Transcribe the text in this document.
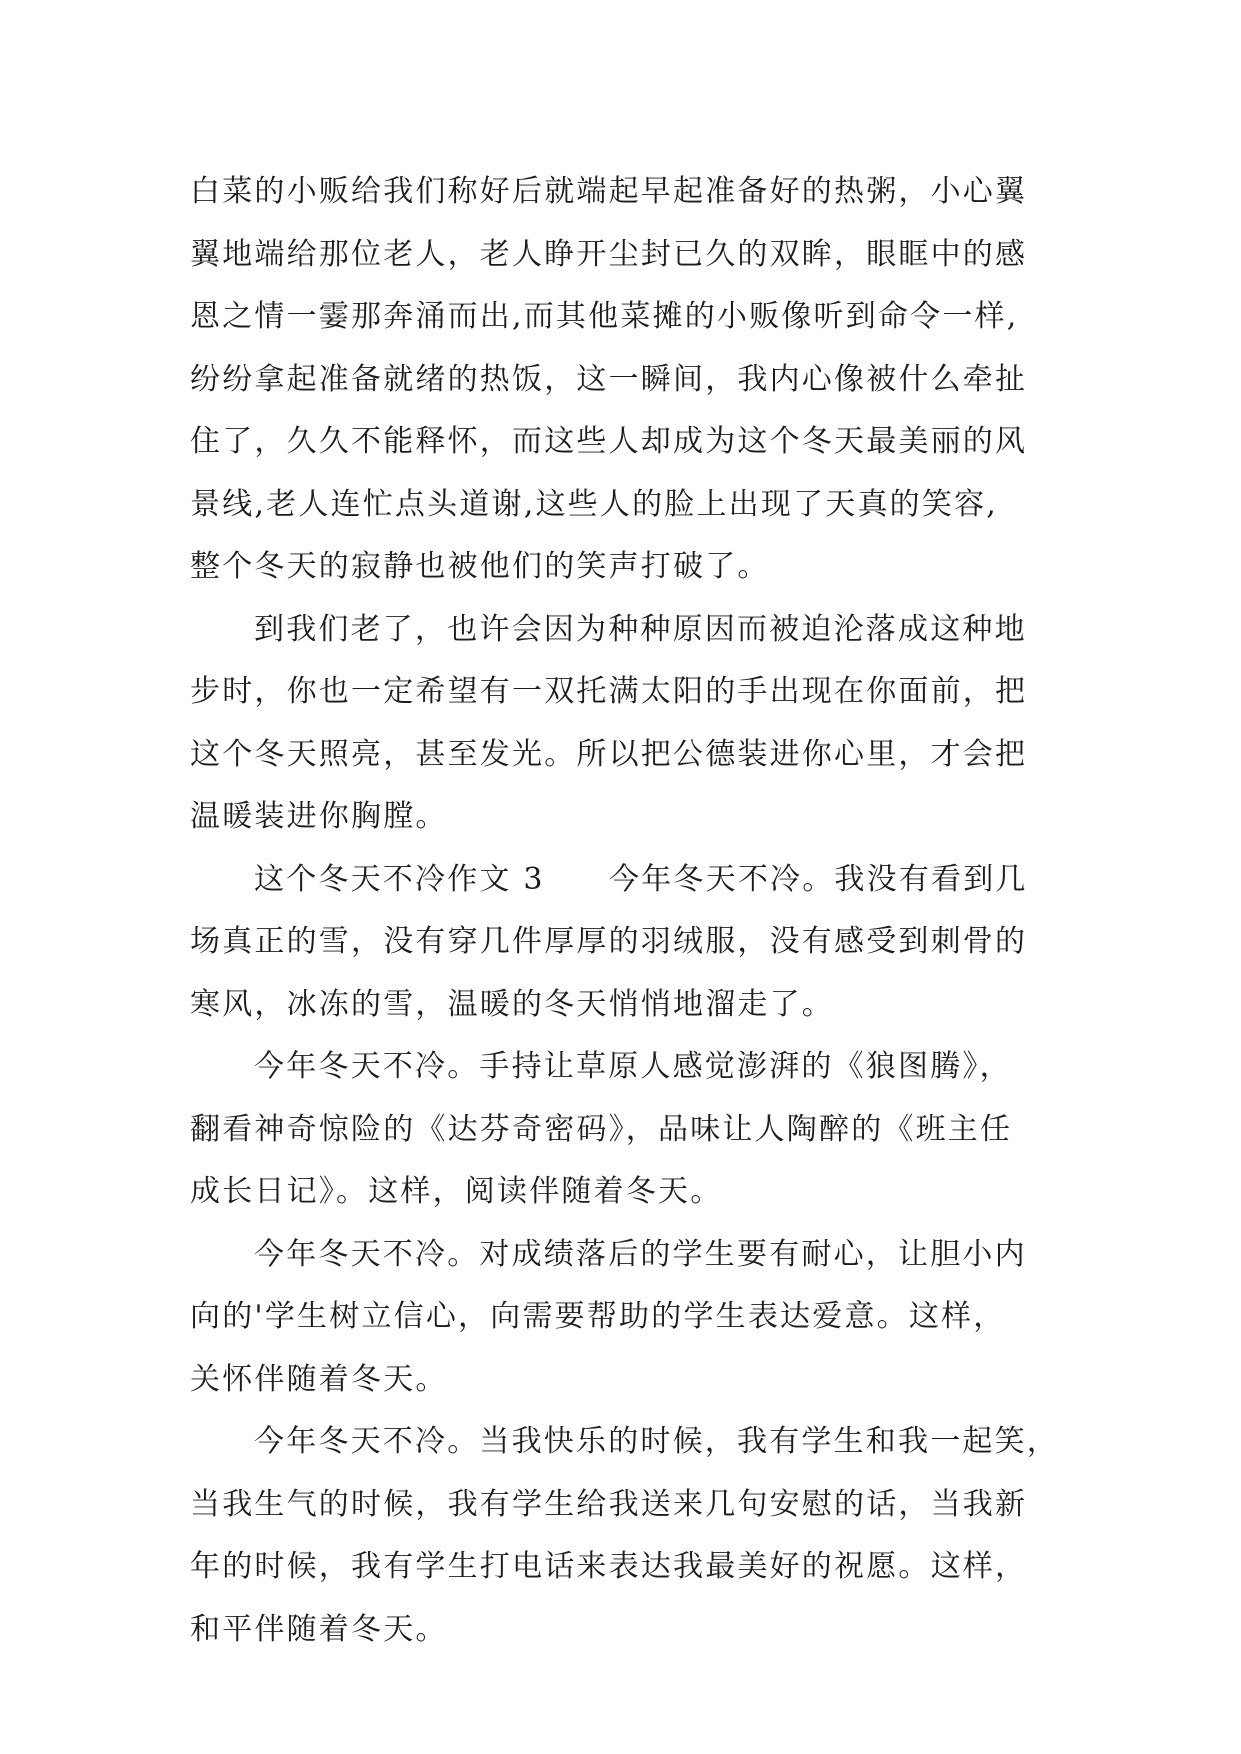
白菜的小贩给我们称好后就端起早起准备好的热粥，小心翼
翼地端给那位老人，老人睁开尘封已久的双眸，眼眶中的感
恩之情一霎那奔涌而出,而其他菜摊的小贩像听到命令一样,
纷纷拿起准备就绪的热饭，这一瞬间，我内心像被什么牵扯
住了，久久不能释怀，而这些人却成为这个冬天最美丽的风
景线,老人连忙点头道谢,这些人的脸上出现了天真的笑容,
整个冬天的寂静也被他们的笑声打破了。
到我们老了，也许会因为种种原因而被迫沦落成这种地
步时，你也一定希望有一双托满太阳的手出现在你面前，把
这个冬天照亮，甚至发光。所以把公德装进你心里，才会把
温暖装进你胸膛。
这个冬天不冷作文 3　　今年冬天不冷。我没有看到几
场真正的雪，没有穿几件厚厚的羽绒服，没有感受到刺骨的
寒风，冰冻的雪，温暖的冬天悄悄地溜走了。
今年冬天不冷。手持让草原人感觉澎湃的《狼图腾》，
翻看神奇惊险的《达芬奇密码》，品味让人陶醉的《班主任
成长日记》。这样，阅读伴随着冬天。
今年冬天不冷。对成绩落后的学生要有耐心，让胆小内
向的'学生树立信心，向需要帮助的学生表达爱意。这样，
关怀伴随着冬天。
今年冬天不冷。当我快乐的时候，我有学生和我一起笑，
当我生气的时候，我有学生给我送来几句安慰的话，当我新
年的时候，我有学生打电话来表达我最美好的祝愿。这样，
和平伴随着冬天。
